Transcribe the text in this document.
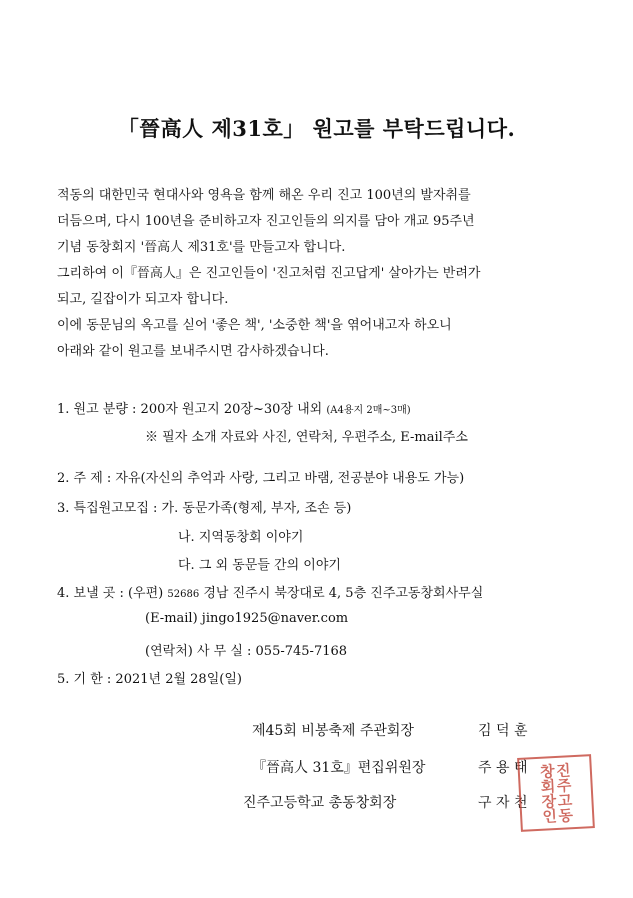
「晉高人 제31호」 원고를 부탁드립니다.
적동의 대한민국 현대사와 영욕을 함께 해온 우리 진고 100년의 발자취를
더듬으며, 다시 100년을 준비하고자 진고인들의 의지를 담아 개교 95주년
기념 동창회지 '晉高人 제31호'를 만들고자 합니다.
그리하여 이『晉高人』은 진고인들이 '진고처럼 진고답게' 살아가는 반려가
되고, 길잡이가 되고자 합니다.
이에 동문님의 옥고를 싣어 '좋은 책', '소중한 책'을 엮어내고자 하오니
아래와 같이 원고를 보내주시면 감사하겠습니다.
1. 원고 분량 : 200자 원고지 20장~30장 내외 (A4용지 2매~3매)
※ 필자 소개 자료와 사진, 연락처, 우편주소, E-mail주소
2. 주 제 : 자유(자신의 추억과 사랑, 그리고 바램, 전공분야 내용도 가능)
3. 특집원고모집 : 가. 동문가족(형제, 부자, 조손 등)
나. 지역동창회 이야기
다. 그 외 동문들 간의 이야기
4. 보낼 곳 : (우편) 52686 경남 진주시 북장대로 4, 5층 진주고동창회사무실
(E-mail) jingo1925@naver.com
(연락처) 사 무 실 : 055-745-7168
5. 기 한 : 2021년 2월 28일(일)
제45회 비봉축제 주관회장	김 덕 훈
『晉高人 31호』편집위원장	주 용 태
진주고등학교 총동창회장	구 자 천	진주고동창회장인
